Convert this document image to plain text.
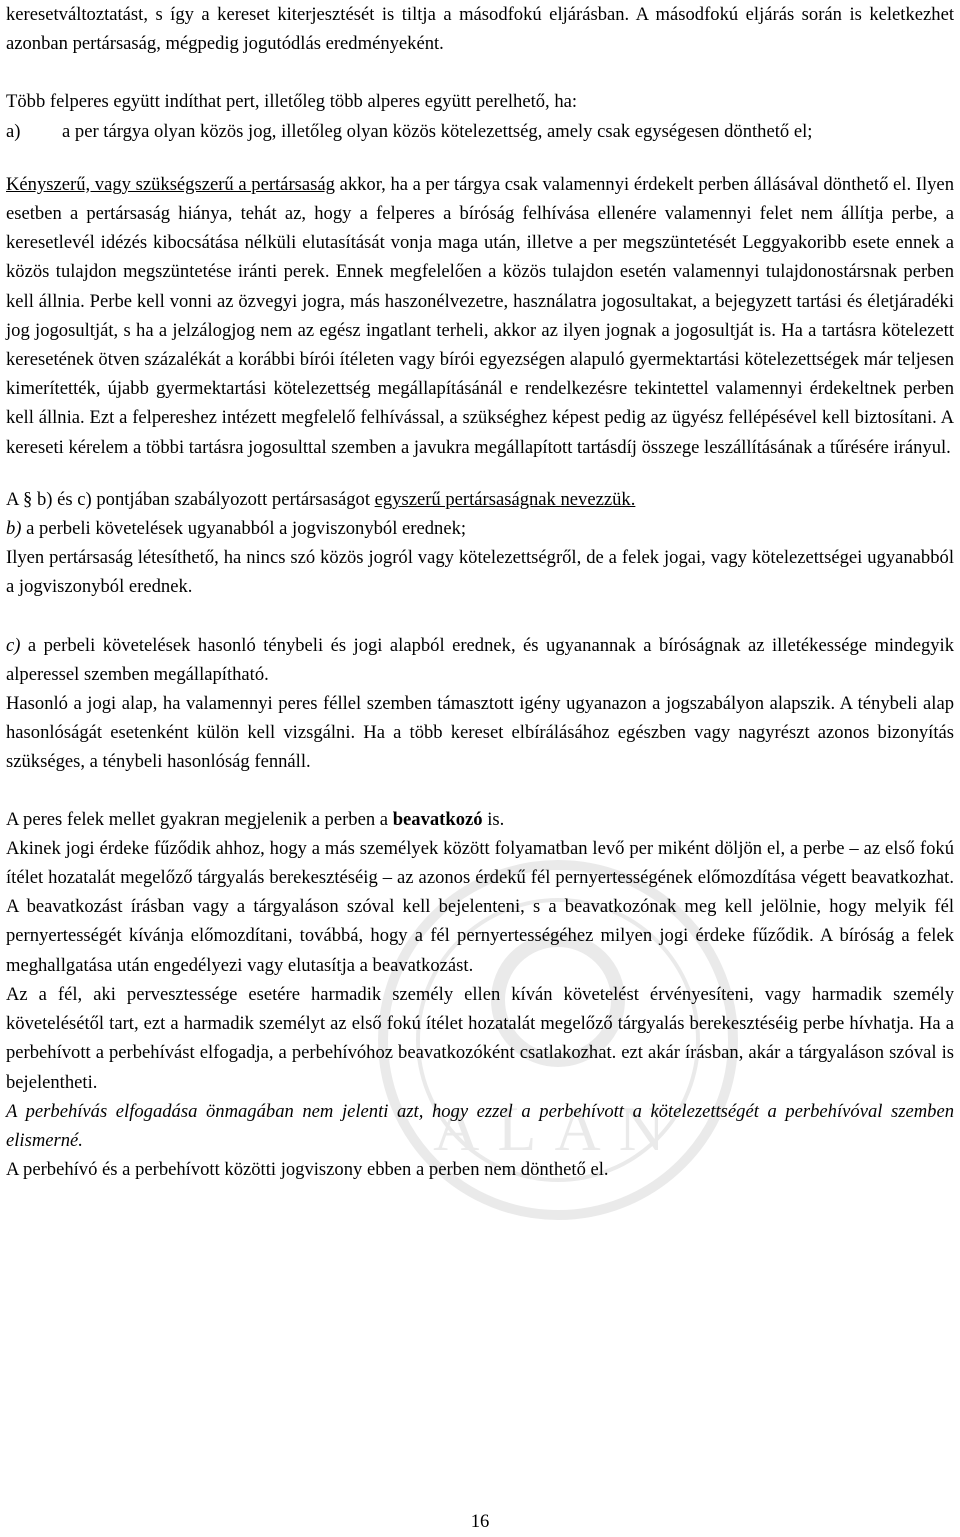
keresetváltoztatást, s így a kereset kiterjesztését is tiltja a másodfokú eljárásban. A másodfokú eljárás során is keletkezhet azonban pertársaság, mégpedig jogutódlás eredményeként.

Több felperes együtt indíthat pert, illetőleg több alperes együtt perelhető, ha:

a)	a per tárgya olyan közös jog, illetőleg olyan közös kötelezettség, amely csak egységesen dönthető el;

Kényszerű, vagy szükségszerű a pertársaság akkor, ha a per tárgya csak valamennyi érdekelt perben állásával dönthető el. Ilyen esetben a pertársaság hiánya, tehát az, hogy a felperes a bíróság felhívása ellenére valamennyi felet nem állítja perbe, a keresetlevél idézés kibocsátása nélküli elutasítását vonja maga után, illetve a per megszüntetését Leggyakoribb esete ennek a közös tulajdon megszüntetése iránti perek. Ennek megfelelően a közös tulajdon esetén valamennyi tulajdonostársnak perben kell állnia. Perbe kell vonni az özvegyi jogra, más haszonélvezetre, használatra jogosultakat, a bejegyzett tartási és életjáradéki jog jogosultját, s ha a jelzálogjog nem az egész ingatlant terheli, akkor az ilyen jognak a jogosultját is. Ha a tartásra kötelezett keresetének ötven százalékát a korábbi bírói ítéleten vagy bírói egyezségen alapuló gyermektartási kötelezettségek már teljesen kimerítették, újabb gyermektartási kötelezettség megállapításánál e rendelkezésre tekintettel valamennyi érdekeltnek perben kell állnia. Ezt a felpereshez intézett megfelelő felhívással, a szükséghez képest pedig az ügyész fellépésével kell biztosítani. A kereseti kérelem a többi tartásra jogosulttal szemben a javukra megállapított tartásdíj összege leszállításának a tűrésére irányul.

A § b) és c) pontjában szabályozott pertársaságot egyszerű pertársaságnak nevezzük.

b) a perbeli követelések ugyanabból a jogviszonyból erednek;

Ilyen pertársaság létesíthető, ha nincs szó közös jogról vagy kötelezettségről, de a felek jogai, vagy kötelezettségei ugyanabból a jogviszonyból erednek.

c) a perbeli követelések hasonló ténybeli és jogi alapból erednek, és ugyanannak a bíróságnak az illetékessége mindegyik alperessel szemben megállapítható.

Hasonló a jogi alap, ha valamennyi peres féllel szemben támasztott igény ugyanazon a jogszabályon alapszik. A ténybeli alap hasonlóságát esetenként külön kell vizsgálni. Ha a több kereset elbírálásához egészben vagy nagyrészt azonos bizonyítás szükséges, a ténybeli hasonlóság fennáll.

A peres felek mellet gyakran megjelenik a perben a beavatkozó is.

Akinek jogi érdeke fűződik ahhoz, hogy a más személyek között folyamatban levő per miként döljön el, a perbe – az első fokú ítélet hozatalát megelőző tárgyalás berekesztéséig – az azonos érdekű fél pernyertességének előmozdítása végett beavatkozhat. A beavatkozást írásban vagy a tárgyaláson szóval kell bejelenteni, s a beavatkozónak meg kell jelölnie, hogy melyik fél pernyertességét kívánja előmozdítani, továbbá, hogy a fél pernyertességéhez milyen jogi érdeke fűződik. A bíróság a felek meghallgatása után engedélyezi vagy elutasítja a beavatkozást.

Az a fél, aki pervesztessége esetére harmadik személy ellen kíván követelést érvényesíteni, vagy harmadik személy követelésétől tart, ezt a harmadik személyt az első fokú ítélet hozatalát megelőző tárgyalás berekesztéséig perbe hívhatja. Ha a perbehívott a perbehívást elfogadja, a perbehívóhoz beavatkozóként csatlakozhat. ezt akár írásban, akár a tárgyaláson szóval is bejelentheti.

A perbehívás elfogadása önmagában nem jelenti azt, hogy ezzel a perbehívott a kötelezettségét a perbehívóval szemben elismerné.

A perbehívó és a perbehívott közötti jogviszony ebben a perben nem dönthető el.

ALAN
16
